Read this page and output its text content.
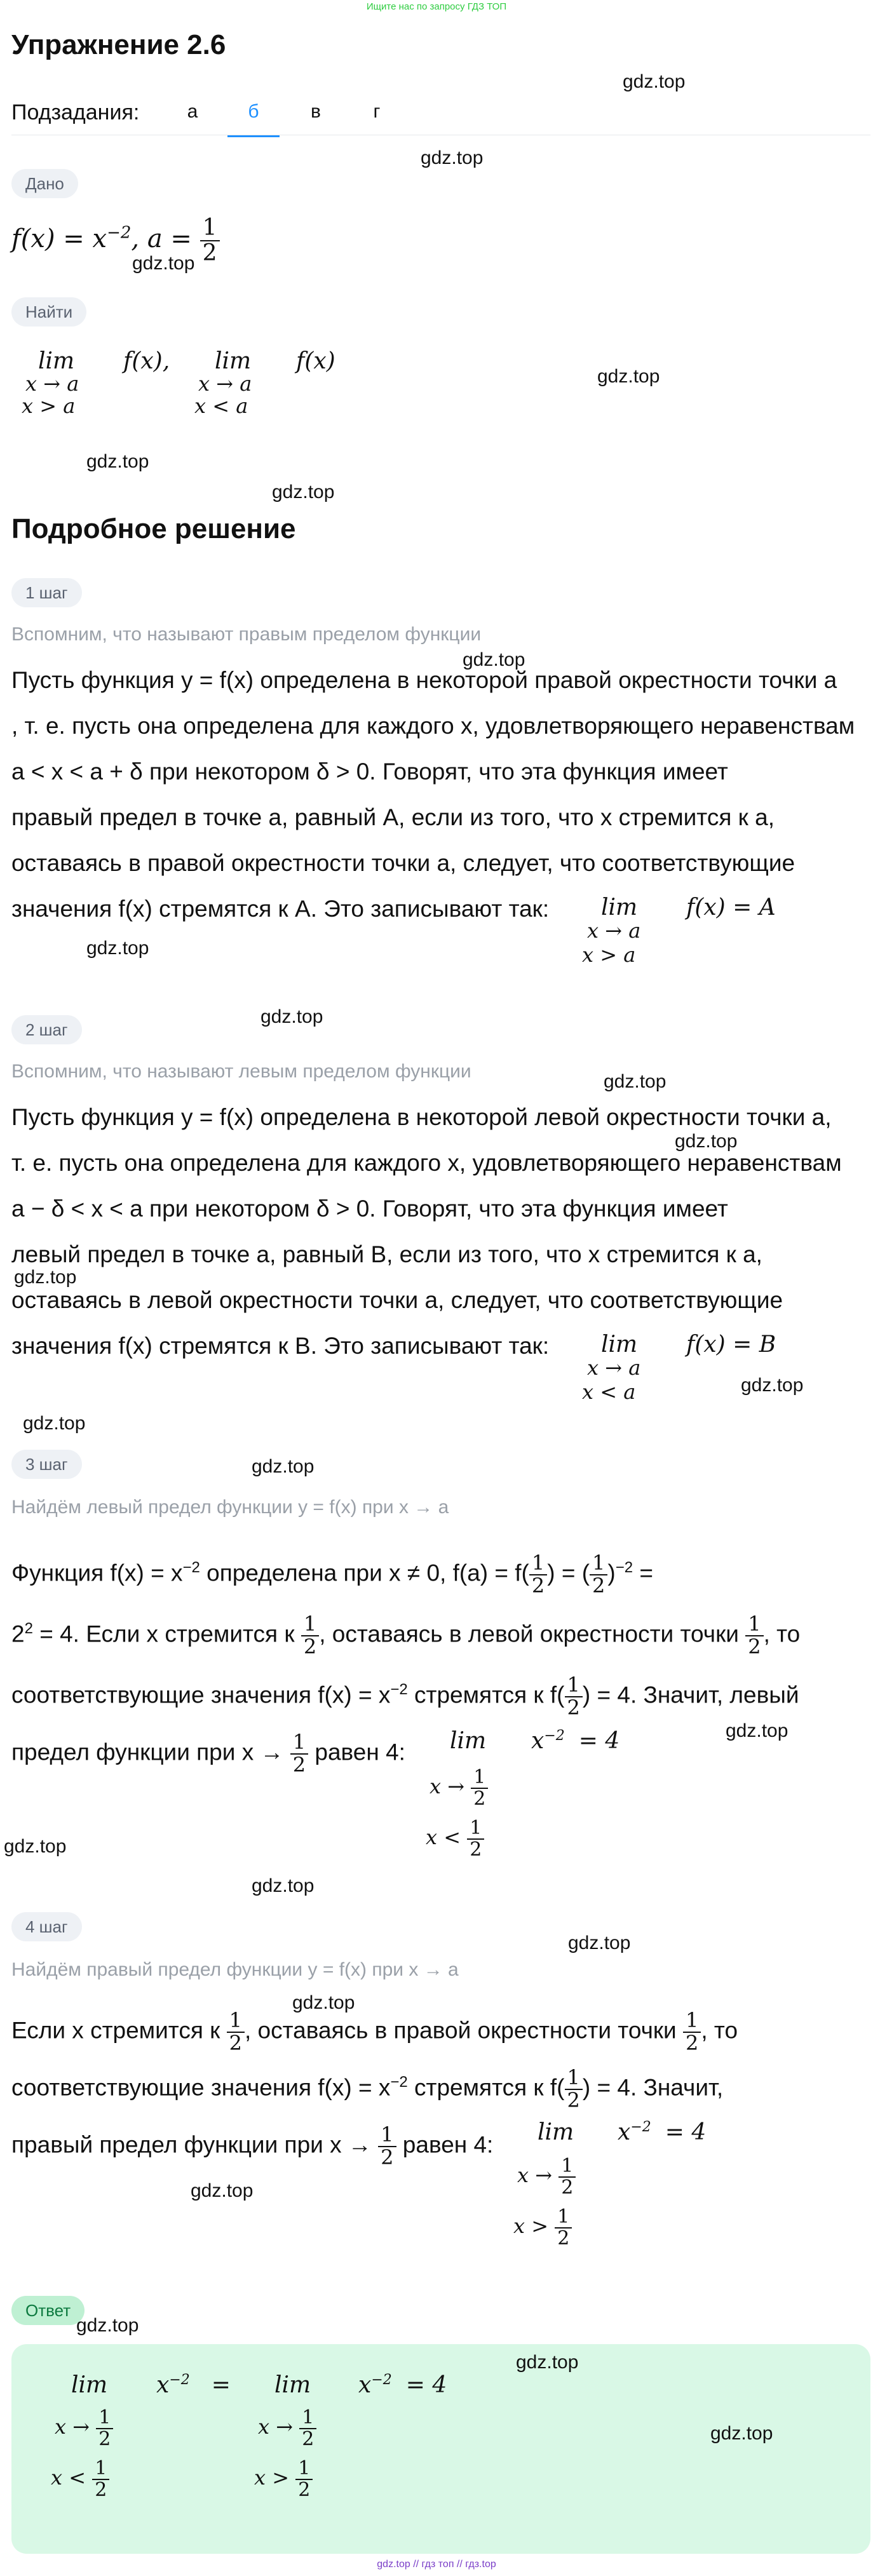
Ищите нас по запросу ГДЗ ТОП
Упражнение 2.6
gdz.top
Подзадания:	а	б	в	г
gdz.top
Дано
$f(x) = x^{-2}$, $a = \frac{1}{2}$
gdz.top
Найти
lim
x → a
x > a
f(x), lim
x → a
x < a
f(x)
gdz.top
gdz.top
gdz.top
Подробное решение
1 шаг
Вспомним, что называют правым пределом функции
gdz.top
Пусть функция y = f(x) определена в некоторой правой окрестности точки a
, т. е. пусть она определена для каждого x, удовлетворяющего неравенствам
a < x < a + δ при некотором δ > 0. Говорят, что эта функция имеет
правый предел в точке a, равный A, если из того, что x стремится к a,
оставаясь в правой окрестности точки a, следует, что соответствующие
значения f(x) стремятся к A. Это записывают так: lim
x → a
x > a
f(x) = A
gdz.top
gdz.top
2 шаг
Вспомним, что называют левым пределом функции	gdz.top
Пусть функция y = f(x) определена в некоторой левой окрестности точки a,
gdz.top
т. е. пусть она определена для каждого x, удовлетворяющего неравенствам
a − δ < x < a при некотором δ > 0. Говорят, что эта функция имеет
левый предел в точке a, равный B, если из того, что x стремится к a,
gdz.top
оставаясь в левой окрестности точки a, следует, что соответствующие
значения f(x) стремятся к B. Это записывают так: lim
x → a
x < a
f(x) = B
gdz.top
gdz.top
3 шаг	gdz.top
Найдём левый предел функции y = f(x) при x → a
Функция $f(x) = x^{-2}$ определена при x ≠ 0, $f(a) = f( \frac{1}{2}$ ) = ( $\frac{1}{2} )^{-2}$ =
$2^2 = 4$. Если x стремится к $\frac{1}{2}$ , оставаясь в левой окрестности точки $\frac{1}{2}$ , то
соответствующие значения $f(x) = x^{-2}$ стремятся к $f( \frac{1}{2}$ ) = 4. Значит, левый
gdz.top
предел функции при $x \to \frac{1}{2}$ равен 4: $\lim x^{-2} = 4$
$x \to \frac{1}{2}$
$x < \frac{1}{2}$
gdz.top
gdz.top
4 шаг
gdz.top
Найдём правый предел функции y = f(x) при x → a
gdz.top
Если x стремится к $\frac{1}{2}$ , оставаясь в правой окрестности точки $\frac{1}{2}$ , то
соответствующие значения $f(x) = x^{-2}$ стремятся к $f( \frac{1}{2}$ ) = 4. Значит,
правый предел функции при $x \to \frac{1}{2}$ равен 4: $\lim x^{-2} = 4$
$x \to \frac{1}{2}$
$x > \frac{1}{2}$
gdz.top
Ответ
gdz.top
gdz.top
$\lim x^{-2} = \lim x^{-2} = 4$
$x \to \frac{1}{2}$
$x < \frac{1}{2}$
$x \to \frac{1}{2}$
$x > \frac{1}{2}$
gdz.top
gdz.top // гдз топ // гдз.top
